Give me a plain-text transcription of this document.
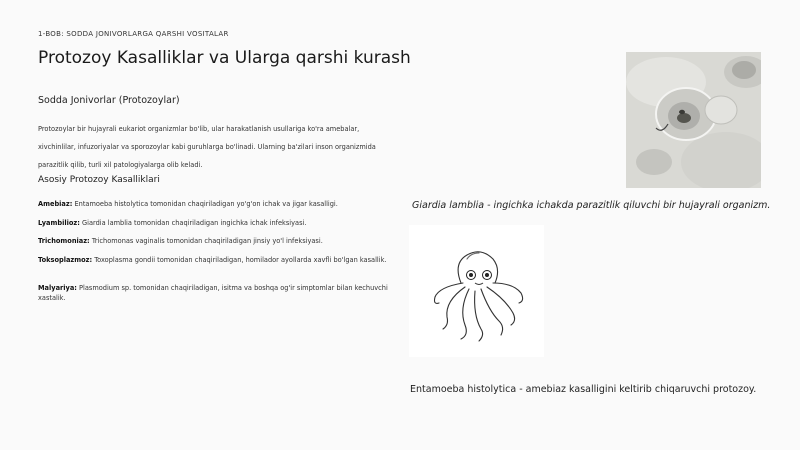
1-BOB: SODDA JONIVORLARGA QARSHI VOSITALAR
Protozoy Kasalliklar va Ularga qarshi kurash
Sodda Jonivorlar (Protozoylar)
Protozoylar bir hujayrali eukariot organizmlar bo'lib, ular harakatlanish usullariga ko'ra amebalar, xivchinlilar, infuzoriyalar va sporozoylar kabi guruhlarga bo'linadi. Ularning ba'zilari inson organizmida parazitlik qilib, turli xil patologiyalarga olib keladi.
Asosiy Protozoy Kasalliklari
Amebiaz: Entamoeba histolytica tomonidan chaqiriladigan yo'g'on ichak va jigar kasalligi.
Lyambilioz: Giardia lamblia tomonidan chaqiriladigan ingichka ichak infeksiyasi.
Trichomoniaz: Trichomonas vaginalis tomonidan chaqiriladigan jinsiy yo'l infeksiyasi.
Toksoplazmoz: Toxoplasma gondii tomonidan chaqiriladigan, homilador ayollarda xavfli bo'lgan kasallik.
Malyariya: Plasmodium sp. tomonidan chaqiriladigan, isitma va boshqa og'ir simptomlar bilan kechuvchi xastalik.
Giardia lamblia - ingichka ichakda parazitlik qiluvchi bir hujayrali organizm.
Entamoeba histolytica - amebiaz kasalligini keltirib chiqaruvchi protozoy.
